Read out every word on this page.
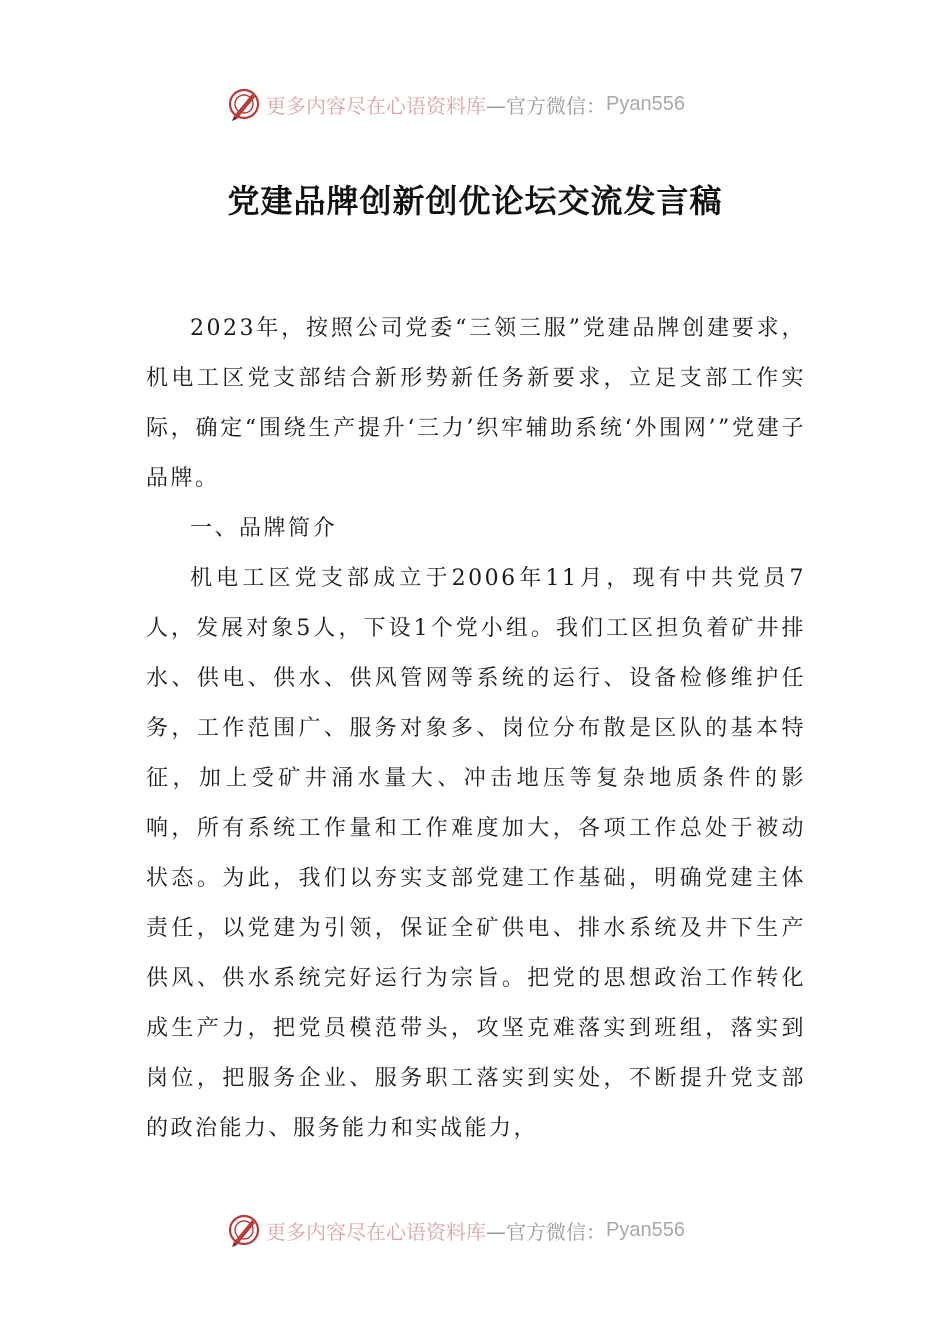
更多内容尽在心语资料库 —官方微信： Pyan556
党建品牌创新创优论坛交流发言稿

2023年，按照公司党委“三领三服”党建品牌创建要求，机电工区党支部结合新形势新任务新要求，立足支部工作实际，确定“围绕生产提升‘三力’织牢辅助系统‘外围网’”党建子品牌。

一、品牌简介

机电工区党支部成立于2006年11月，现有中共党员7人，发展对象5人，下设1个党小组。我们工区担负着矿井排水、供电、供水、供风管网等系统的运行、设备检修维护任务，工作范围广、服务对象多、岗位分布散是区队的基本特征，加上受矿井涌水量大、冲击地压等复杂地质条件的影响，所有系统工作量和工作难度加大，各项工作总处于被动状态。为此，我们以夯实支部党建工作基础，明确党建主体责任，以党建为引领，保证全矿供电、排水系统及井下生产供风、供水系统完好运行为宗旨。把党的思想政治工作转化成生产力，把党员模范带头，攻坚克难落实到班组，落实到岗位，把服务企业、服务职工落实到实处，不断提升党支部的政治能力、服务能力和实战能力，

更多内容尽在心语资料库 —官方微信： Pyan556
